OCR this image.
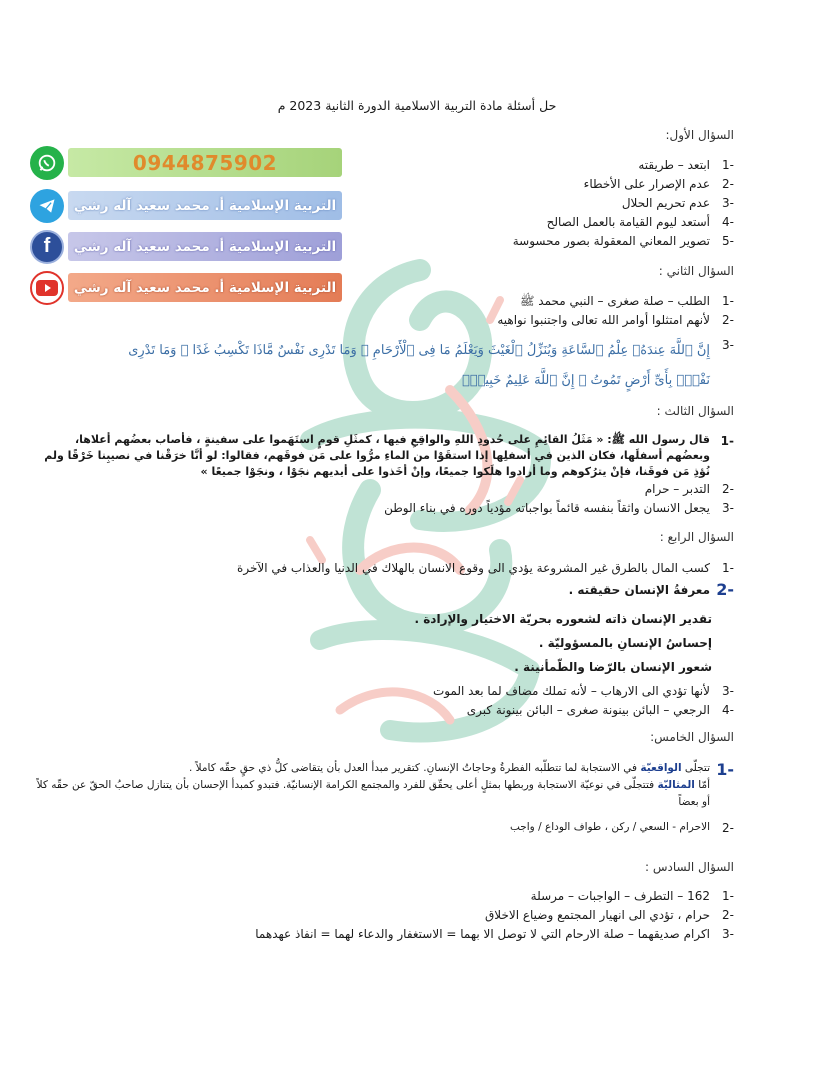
حل أسئلة مادة التربية الاسلامية الدورة الثانية 2023 م
السؤال الأول:
-1
ابتعد – طريقته
-2
عدم الإصرار على الأخطاء
-3
عدم تحريم الحلال
-4
أستعد ليوم القيامة بالعمل الصالح
-5
تصوير المعاني المعقولة بصور محسوسة
السؤال الثاني :
-1
الطلب – صلة صغرى – النبي محمد ﷺ
-2
لأنهم امتثلوا أوامر الله تعالى واجتنبوا نواهيه
-3
إِنَّ ٱللَّهَ عِندَهُۥ عِلْمُ ٱلسَّاعَةِ وَيُنَزِّلُ ٱلْغَيْثَ وَيَعْلَمُ مَا فِى ٱلْأَرْحَامِ ۖ وَمَا تَدْرِى نَفْسٌ مَّاذَا تَكْسِبُ غَدًا ۖ وَمَا تَدْرِى نَفْسٌۢ بِأَىِّ أَرْضٍ تَمُوتُ ۚ إِنَّ ٱللَّهَ عَلِيمٌ خَبِيرٌۢ
السؤال الثالث :
-1
قال رسول الله ﷺ: « مَثَلُ القائِمِ على حُدودِ اللهِ والواقِعِ فيها ، كمثَلِ قومٍ استَهَموا على سفينةٍ ، فأصاب بعضُهم أعلاها، وبعضُهم أسفلَها، فكان الذين في أسفلِها إذا استقَوْا من الماءِ مرُّوا على مَن فوقَهم، فقالوا: لو أنَّا خرَقْنا في نصيبِنا خَرْقًا ولم نُؤذِ مَن فوقَنا، فإنْ يترُكوهم وما أرادوا هلَكوا جميعًا، وإنْ أخَذوا على أيديهم نجَوْا ، ونجَوْا جميعًا »
-2
التدبر – حرام
-3
يجعل الانسان واثقاً بنفسه قائماً بواجباته مؤدياً دوره في بناء الوطن
السؤال الرابع :
-1
كسب المال بالطرق غير المشروعة يؤدي الى وقوع الانسان بالهلاك في الدنيا والعذاب في الآخرة
-2
معرفةُ الإنسان حقيقته .
تقدير الإنسان ذاته لشعوره بحريّة الاختيار والإرادة .
إحساسُ الإنسانِ بالمسؤوليّة .
شعور الإنسان بالرّضا والطّمأنينة .
-3
لأنها تؤدي الى الارهاب – لأنه تملك مضاف لما بعد الموت
-4
الرجعي – البائن بينونة صغرى – البائن بينونة كبرى
السؤال الخامس:
-1
تتجلّى الواقعيّة في الاستجابة لما تتطلّبه الفطرةُ وحاجاتُ الإنسانِ. كتقرير مبدأ العدل بأن يتقاضى كلُّ ذي حقٍ حقّه كاملاً .
أمّا المثاليّة فتتجلّى في نوعيّة الاستجابة وربطها بمثلٍ أعلى يحقّق للفرد والمجتمع الكرامة الإنسانيّة. فتبدو كمبدأ الإحسان بأن يتنازل صاحبُ الحقّ عن حقّه كلاً أو بعضاً
-2
الاحرام - السعي / ركن ، طواف الوداع / واجب
السؤال السادس :
-1
162 – التطرف – الواجبات – مرسلة
-2
حرام ، تؤدي الى انهيار المجتمع وضياع الاخلاق
-3
اكرام صديقهما – صلة الارحام التي لا توصل الا بهما = الاستغفار والدعاء لهما = انفاذ عهدهما
0944875902
التربية الإسلامية أ. محمد سعيد آله رشي
f	التربية الإسلامية أ. محمد سعيد آله رشي
التربية الإسلامية أ. محمد سعيد آله رشي
